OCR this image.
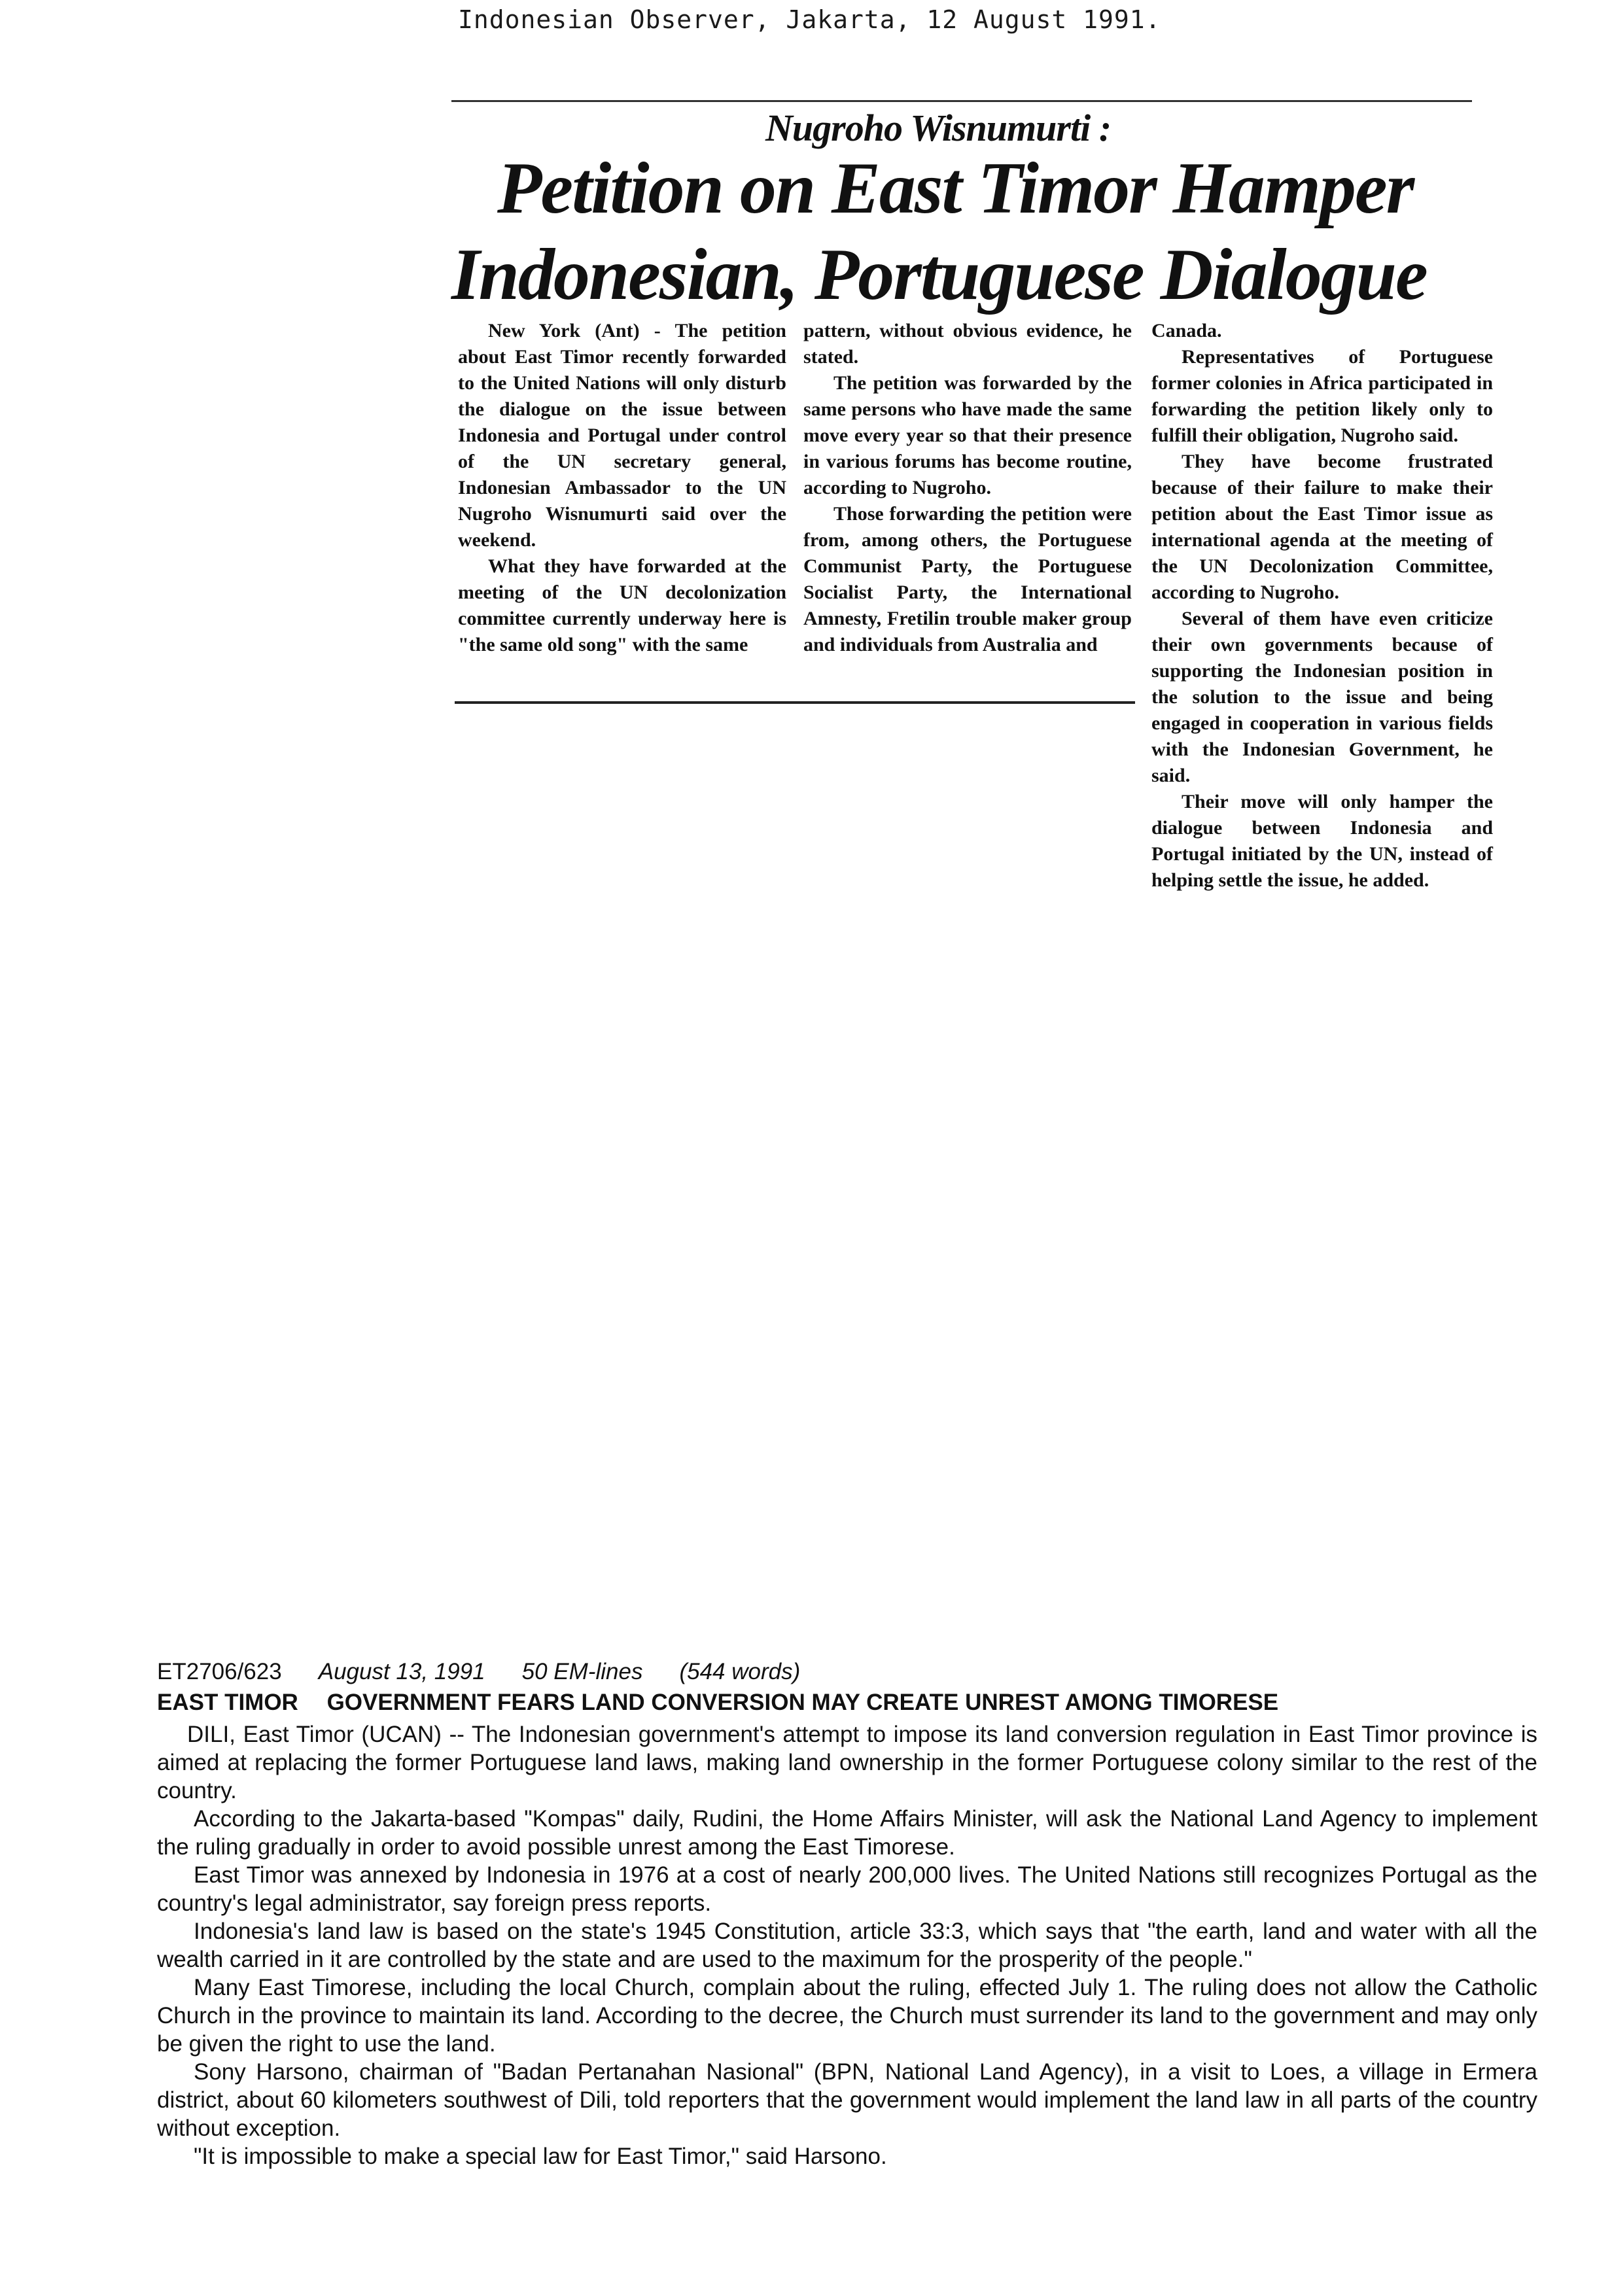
Indonesian Observer, Jakarta, 12 August 1991.
Nugroho Wisnumurti :
Petition on East Timor Hamper
Indonesian, Portuguese Dialogue

New York (Ant) - The petition about East Timor recently forwarded to the United Nations will only disturb the dialogue on the issue between Indonesia and Portugal under control of the UN secretary general, Indonesian Ambassador to the UN Nugroho Wisnumurti said over the weekend.

What they have forwarded at the meeting of the UN decolonization committee currently underway here is "the same old song" with the same

pattern, without obvious evidence, he stated.

The petition was forwarded by the same persons who have made the same move every year so that their presence in various forums has become routine, according to Nugroho.

Those forwarding the petition were from, among others, the Portuguese Communist Party, the Portuguese Socialist Party, the International Amnesty, Fretilin trouble maker group and individuals from Australia and

Canada.

Representatives of Portuguese former colonies in Africa participated in forwarding the petition likely only to fulfill their obligation, Nugroho said.

They have become frustrated because of their failure to make their petition about the East Timor issue as international agenda at the meeting of the UN Decolonization Committee, according to Nugroho.

Several of them have even criticize their own governments because of supporting the Indonesian position in the solution to the issue and being engaged in cooperation in various fields with the Indonesian Government, he said.

Their move will only hamper the dialogue between Indonesia and Portugal initiated by the UN, instead of helping settle the issue, he added.

ET2706/623 August 13, 1991 50 EM-lines (544 words)
EAST TIMOR GOVERNMENT FEARS LAND CONVERSION MAY CREATE UNREST AMONG TIMORESE

DILI, East Timor (UCAN) -- The Indonesian government's attempt to impose its land conversion regulation in East Timor province is aimed at replacing the former Portuguese land laws, making land ownership in the former Portuguese colony similar to the rest of the country.

According to the Jakarta-based "Kompas" daily, Rudini, the Home Affairs Minister, will ask the National Land Agency to implement the ruling gradually in order to avoid possible unrest among the East Timorese.

East Timor was annexed by Indonesia in 1976 at a cost of nearly 200,000 lives. The United Nations still recognizes Portugal as the country's legal administrator, say foreign press reports.

Indonesia's land law is based on the state's 1945 Constitution, article 33:3, which says that "the earth, land and water with all the wealth carried in it are controlled by the state and are used to the maximum for the prosperity of the people."

Many East Timorese, including the local Church, complain about the ruling, effected July 1. The ruling does not allow the Catholic Church in the province to maintain its land. According to the decree, the Church must surrender its land to the government and may only be given the right to use the land.

Sony Harsono, chairman of "Badan Pertanahan Nasional" (BPN, National Land Agency), in a visit to Loes, a village in Ermera district, about 60 kilometers southwest of Dili, told reporters that the government would implement the land law in all parts of the country without exception.

"It is impossible to make a special law for East Timor," said Harsono.
